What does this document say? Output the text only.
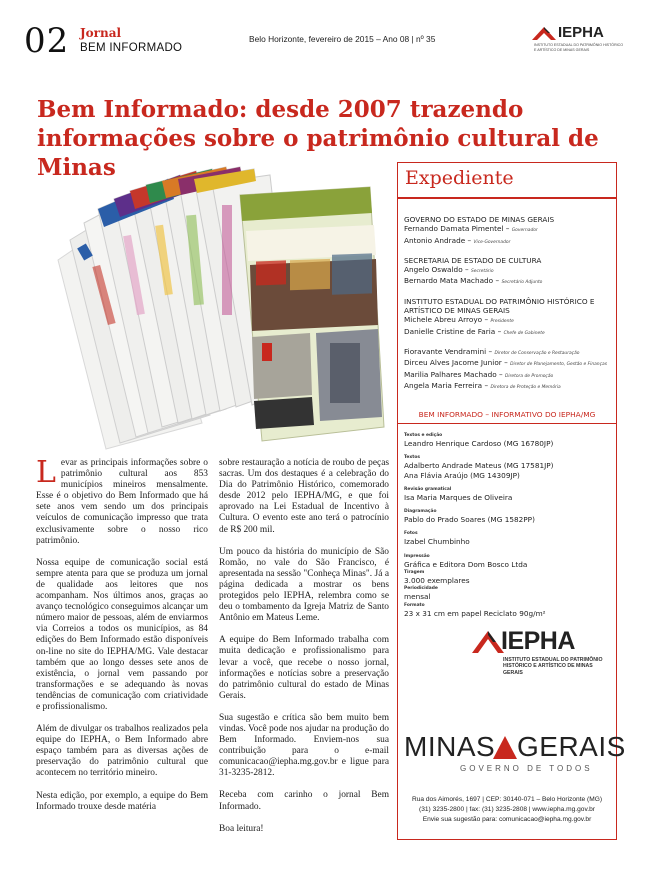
02 Jornal
BEM INFORMADO
Belo Horizonte, fevereiro de 2015 – Ano 08 | nº 35	IEPHA
INSTITUTO ESTADUAL DO PATRIMÔNIO HISTÓRICO E ARTÍSTICO DE MINAS GERAIS
Bem Informado: desde 2007 trazendo informações sobre o patrimônio cultural de Minas

Levar as principais informações sobre o patrimônio cultural aos 853 municípios mineiros mensalmente. Esse é o objetivo do Bem Informado que há sete anos vem sendo um dos principais veículos de comunicação impresso que trata exclusivamente sobre o nosso rico patrimônio.

Nossa equipe de comunicação social está sempre atenta para que se produza um jornal de qualidade aos leitores que nos acompanham. Nos últimos anos, graças ao avanço tecnológico conseguimos alcançar um número maior de pessoas, além de enviarmos via Correios a todos os municípios, as 84 edições do Bem Informado estão disponíveis on-line no site do IEPHA/MG. Vale destacar também que ao longo desses sete anos de existência, o jornal vem passando por transformações e se adequando às novas tendências de comunicação com criatividade e profissionalismo.

Além de divulgar os trabalhos realizados pela equipe do IEPHA, o Bem Informado abre espaço também para as diversas ações de preservação do patrimônio cultural que acontecem no território mineiro.

Nesta edição, por exemplo, a equipe do Bem Informado trouxe desde matéria

sobre restauração a notícia de roubo de peças sacras. Um dos destaques é a celebração do Dia do Patrimônio Histórico, comemorado desde 2012 pelo IEPHA/MG, e que foi aprovado na Lei Estadual de Incentivo à Cultura. O evento este ano terá o patrocínio de R$ 200 mil.

Um pouco da história do município de São Romão, no vale do São Francisco, é apresentada na sessão "Conheça Minas". Já a página dedicada a mostrar os bens protegidos pelo IEPHA, relembra como se deu o tombamento da Igreja Matriz de Santo Antônio em Mateus Leme.

A equipe do Bem Informado trabalha com muita dedicação e profissionalismo para levar a você, que recebe o nosso jornal, informações e notícias sobre a preservação do patrimônio cultural do estado de Minas Gerais.

Sua sugestão e crítica são bem muito bem vindas. Você pode nos ajudar na produção do Bem Informado. Enviem-nos sua contribuição para o e-mail comunicacao@iepha.mg.gov.br e ligue para 31-3235-2812.

Receba com carinho o jornal Bem Informado.

Boa leitura!

Expediente
GOVERNO DO ESTADO DE MINAS GERAIS
Fernando Damata Pimentel – Governador
Antonio Andrade – Vice-Governador
SECRETARIA DE ESTADO DE CULTURA
Angelo Oswaldo – Secretário
Bernardo Mata Machado – Secretário Adjunto
INSTITUTO ESTADUAL DO PATRIMÔNIO HISTÓRICO E ARTÍSTICO DE MINAS GERAIS
Michele Abreu Arroyo – Presidente
Danielle Cristine de Faria – Chefe de Gabinete
Fioravante Vendramini – Diretor de Conservação e Restauração
Dirceu Alves Jacome Junior – Diretor de Planejamento, Gestão e Finanças
Marilia Palhares Machado – Diretora de Promoção
Angela Maria Ferreira – Diretora de Proteção e Memória
BEM INFORMADO – INFORMATIVO DO IEPHA/MG
Textos e edição
Leandro Henrique Cardoso (MG 16780JP)
Textos
Adalberto Andrade Mateus (MG 17581JP)
Ana Flávia Araújo (MG 14309JP)
Revisão gramatical
Isa Maria Marques de Oliveira
Diagramação
Pablo do Prado Soares (MG 1582PP)
Fotos
Izabel Chumbinho
Impressão
Gráfica e Editora Dom Bosco Ltda
Tiragem
3.000 exemplares
Periodicidade
mensal
Formato
23 x 31 cm em papel Reciclato 90g/m²
IEPHA
INSTITUTO ESTADUAL DO PATRIMÔNIO HISTÓRICO E ARTÍSTICO DE MINAS GERAIS
MINAS GERAIS
GOVERNO DE TODOS
Rua dos Aimorés, 1697 | CEP: 30140-071 – Belo Horizonte (MG)
(31) 3235-2800 | fax: (31) 3235-2808 | www.iepha.mg.gov.br
Envie sua sugestão para: comunicacao@iepha.mg.gov.br
